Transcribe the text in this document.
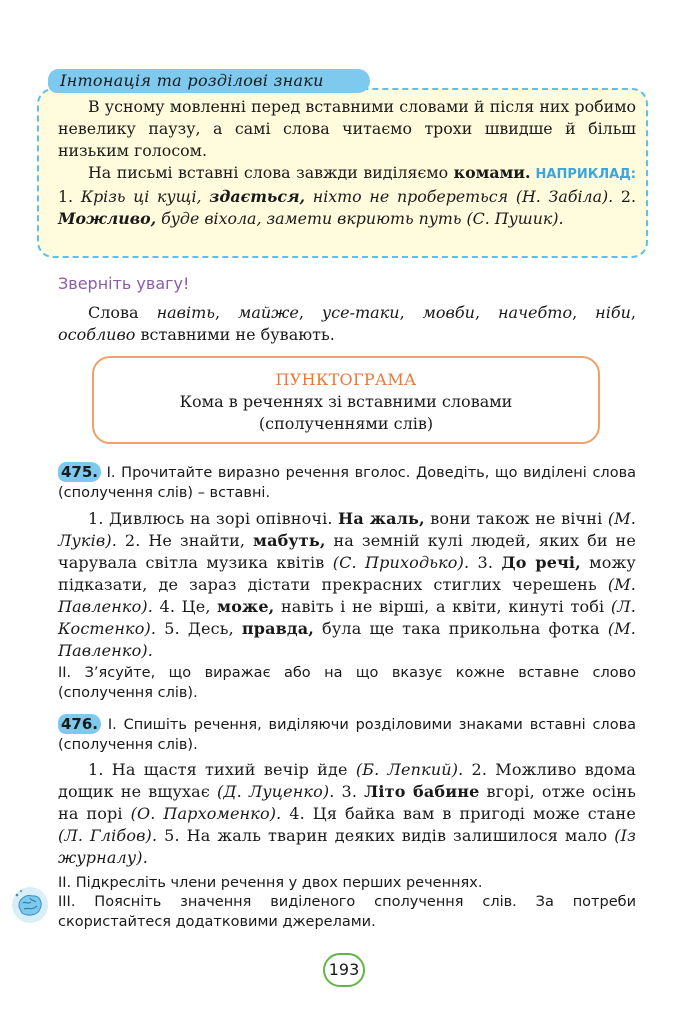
Інтонація та розділові знаки

В усному мовленні перед вставними словами й після них робимо невелику паузу, а самі слова читаємо трохи швидше й більш низьким голосом.

На письмі вставні слова завжди виділяємо комами. НАПРИКЛАД: 1. Крізь ці кущі, здається, ніхто не проберетьcя (Н. Забіла). 2. Можливо, буде віхола, замети вкриють путь (С. Пушик).

Зверніть увагу!

Слова навіть, майже, усе-таки, мовби, начебто, ніби, особливо вставними не бувають.

ПУНКТОГРАМА
Кома в реченнях зі вставними словами
(сполученнями слів)

475. І. Прочитайте виразно речення вголос. Доведіть, що виділені слова (сполучення слів) – вставні.

1. Дивлюсь на зорі опівночі. На жаль, вони також не вічні (М. Луків). 2. Не знайти, мабуть, на земній кулі людей, яких би не чарувала світла музика квітів (С. Приходько). 3. До речі, можу підказати, де зараз дістати прекрасних стиглих черешень (М. Павленко). 4. Це, може, навіть і не вірші, а квіти, кинуті тобі (Л. Костенко). 5. Десь, правда, була ще така прикольна фотка (М. Павленко).

ІІ. З’ясуйте, що виражає або на що вказує кожне вставне слово (сполучення слів).

476. І. Спишіть речення, виділяючи розділовими знаками вставні слова (сполучення слів).

1. На щастя тихий вечір йде (Б. Лепкий). 2. Можливо вдома дощик не вщухає (Д. Луценко). 3. Літо бабине вгорі, отже осінь на порі (О. Пархоменко). 4. Ця байка вам в пригоді може стане (Л. Глібов). 5. На жаль тварин деяких видів залишилося мало (Із журналу).

ІІ. Підкресліть члени речення у двох перших реченнях.

ІІІ. Поясніть значення виділеного сполучення слів. За потреби скористайтеся додатковими джерелами.

193
